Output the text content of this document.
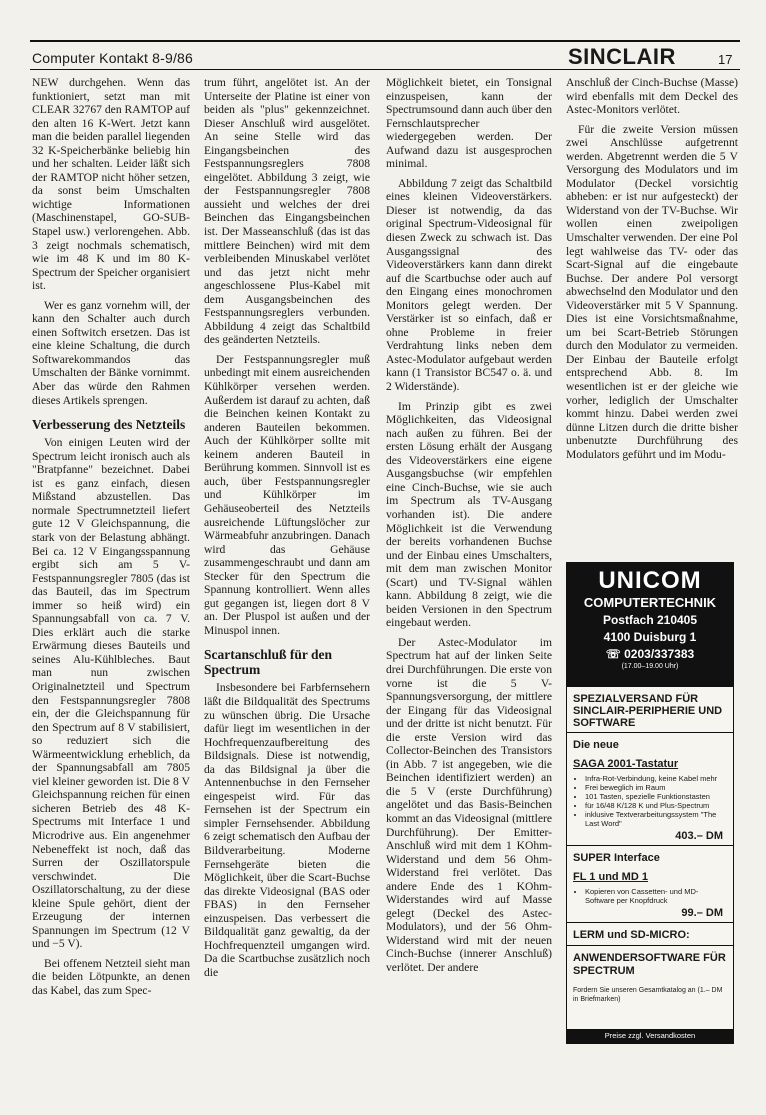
Computer Kontakt 8-9/86	SINCLAIR	17

NEW durchgehen. Wenn das funktioniert, setzt man mit CLEAR 32767 den RAMTOP auf den alten 16 K-Wert. Jetzt kann man die beiden parallel liegenden 32 K-Speicherbänke beliebig hin und her schalten. Leider läßt sich der RAMTOP nicht höher setzen, da sonst beim Umschalten wichtige Informationen (Maschinenstapel, GO-SUB-Stapel usw.) verlorengehen. Abb. 3 zeigt nochmals schematisch, wie im 48 K und im 80 K-Spectrum der Speicher organisiert ist.

Wer es ganz vornehm will, der kann den Schalter auch durch einen Softwitch ersetzen. Das ist eine kleine Schaltung, die durch Softwarekommandos das Umschalten der Bänke vornimmt. Aber das würde den Rahmen dieses Artikels sprengen.

Verbesserung des Netzteils

Von einigen Leuten wird der Spectrum leicht ironisch auch als "Bratpfanne" bezeichnet. Dabei ist es ganz einfach, diesen Mißstand abzustellen. Das normale Spectrumnetzteil liefert gute 12 V Gleichspannung, die stark von der Belastung abhängt. Bei ca. 12 V Eingangsspannung ergibt sich am 5 V-Festspannungsregler 7805 (das ist das Bauteil, das im Spectrum immer so heiß wird) ein Spannungsabfall von ca. 7 V. Dies erklärt auch die starke Erwärmung dieses Bauteils und seines Alu-Kühlbleches. Baut man nun zwischen Originalnetzteil und Spectrum den Festspannungsregler 7808 ein, der die Gleichspannung für den Spectrum auf 8 V stabilisiert, so reduziert sich die Wärmeentwicklung erheblich, da der Spannungsabfall am 7805 viel kleiner geworden ist. Die 8 V Gleichspannung reichen für einen sicheren Betrieb des 48 K-Spectrums mit Interface 1 und Microdrive aus. Ein angenehmer Nebeneffekt ist noch, daß das Surren der Oszillatorspule verschwindet. Die Oszillatorschaltung, zu der diese kleine Spule gehört, dient der Erzeugung der internen Spannungen im Spectrum (12 V und −5 V).

Bei offenem Netzteil sieht man die beiden Lötpunkte, an denen das Kabel, das zum Spec-

trum führt, angelötet ist. An der Unterseite der Platine ist einer von beiden als "plus" gekennzeichnet. Dieser Anschluß wird ausgelötet. An seine Stelle wird das Eingangsbeinchen des Festspannungsreglers 7808 eingelötet. Abbildung 3 zeigt, wie der Festspannungsregler 7808 aussieht und welches der drei Beinchen das Eingangsbeinchen ist. Der Masseanschluß (das ist das mittlere Beinchen) wird mit dem verbleibenden Minuskabel verlötet und das jetzt nicht mehr angeschlossene Plus-Kabel mit dem Ausgangsbeinchen des Festspannungsreglers verbunden. Abbildung 4 zeigt das Schaltbild des geänderten Netzteils.

Der Festspannungsregler muß unbedingt mit einem ausreichenden Kühlkörper versehen werden. Außerdem ist darauf zu achten, daß die Beinchen keinen Kontakt zu anderen Bauteilen bekommen. Auch der Kühlkörper sollte mit keinem anderen Bauteil in Berührung kommen. Sinnvoll ist es auch, über Festspannungsregler und Kühlkörper im Gehäuseoberteil des Netzteils ausreichende Lüftungslöcher zur Wärmeabfuhr anzubringen. Danach wird das Gehäuse zusammengeschraubt und dann am Stecker für den Spectrum die Spannung kontrolliert. Wenn alles gut gegangen ist, liegen dort 8 V an. Der Pluspol ist außen und der Minuspol innen.

Scartanschluß für den Spectrum

Insbesondere bei Farbfernsehern läßt die Bildqualität des Spectrums zu wünschen übrig. Die Ursache dafür liegt im wesentlichen in der Hochfrequenzaufbereitung des Bildsignals. Diese ist notwendig, da das Bildsignal ja über die Antennenbuchse in den Fernseher eingespeist wird. Für das Fernsehen ist der Spectrum ein simpler Fernsehsender. Abbildung 6 zeigt schematisch den Aufbau der Bildverarbeitung. Moderne Fernsehgeräte bieten die Möglichkeit, über die Scart-Buchse das direkte Videosignal (BAS oder FBAS) in den Fernseher einzuspeisen. Das verbessert die Bildqualität ganz gewaltig, da der Hochfrequenzteil umgangen wird. Da die Scartbuchse zusätzlich noch die

Möglichkeit bietet, ein Tonsignal einzuspeisen, kann der Spectrumsound dann auch über den Fernschlautsprecher wiedergegeben werden. Der Aufwand dazu ist ausgesprochen minimal.

Abbildung 7 zeigt das Schaltbild eines kleinen Videoverstärkers. Dieser ist notwendig, da das original Spectrum-Videosignal für diesen Zweck zu schwach ist. Das Ausgangssignal des Videoverstärkers kann dann direkt auf die Scartbuchse oder auch auf den Eingang eines monochromen Monitors gelegt werden. Der Verstärker ist so einfach, daß er ohne Probleme in freier Verdrahtung links neben dem Astec-Modulator aufgebaut werden kann (1 Transistor BC547 o. ä. und 2 Widerstände).

Im Prinzip gibt es zwei Möglichkeiten, das Videosignal nach außen zu führen. Bei der ersten Lösung erhält der Ausgang des Videoverstärkers eine eigene Ausgangsbuchse (wir empfehlen eine Cinch-Buchse, wie sie auch im Spectrum als TV-Ausgang vorhanden ist). Die andere Möglichkeit ist die Verwendung der bereits vorhandenen Buchse und der Einbau eines Umschalters, mit dem man zwischen Monitor (Scart) und TV-Signal wählen kann. Abbildung 8 zeigt, wie die beiden Versionen in den Spectrum eingebaut werden.

Der Astec-Modulator im Spectrum hat auf der linken Seite drei Durchführungen. Die erste von vorne ist die 5 V-Spannungsversorgung, der mittlere der Eingang für das Videosignal und der dritte ist nicht benutzt. Für die erste Version wird das Collector-Beinchen des Transistors (in Abb. 7 ist angegeben, wie die Beinchen identifiziert werden) an die 5 V (erste Durchführung) angelötet und das Basis-Beinchen kommt an das Videosignal (mittlere Durchführung). Der Emitter-Anschluß wird mit dem 1 KOhm-Widerstand und dem 56 Ohm-Widerstand frei verlötet. Das andere Ende des 1 KOhm-Widerstandes wird auf Masse gelegt (Deckel des Astec-Modulators), und der 56 Ohm-Widerstand wird mit der neuen Cinch-Buchse (innerer Anschluß) verlötet. Der andere

Anschluß der Cinch-Buchse (Masse) wird ebenfalls mit dem Deckel des Astec-Monitors verlötet.

Für die zweite Version müssen zwei Anschlüsse aufgetrennt werden. Abgetrennt werden die 5 V Versorgung des Modulators und im Modulator (Deckel vorsichtig abheben: er ist nur aufgesteckt) der Widerstand von der TV-Buchse. Wir wollen einen zweipoligen Umschalter verwenden. Der eine Pol legt wahlweise das TV- oder das Scart-Signal auf die eingebaute Buchse. Der andere Pol versorgt abwechselnd den Modulator und den Videoverstärker mit 5 V Spannung. Dies ist eine Vorsichtsmaßnahme, um bei Scart-Betrieb Störungen durch den Modulator zu vermeiden. Der Einbau der Bauteile erfolgt entsprechend Abb. 8. Im wesentlichen ist er der gleiche wie vorher, lediglich der Umschalter kommt hinzu. Dabei werden zwei dünne Litzen durch die dritte bisher unbenutzte Durchführung des Modulators geführt und im Modu-

UNICOM
COMPUTERTECHNIK
Postfach 210405
4100 Duisburg 1
☏ 0203/337383
(17.00–19.00 Uhr)
SPEZIALVERSAND FÜR SINCLAIR-PERIPHERIE UND SOFTWARE
Die neue
SAGA 2001-Tastatur
• Infra-Rot-Verbindung, keine Kabel mehr
• Frei beweglich im Raum
• 101 Tasten, spezielle Funktionstasten
• für 16/48 K/128 K und Plus-Spectrum
• inklusive Textverarbeitungssystem "The Last Word"
403.– DM
SUPER Interface
FL 1 und MD 1
• Kopieren von Cassetten- und MD-Software per Knopfdruck
99.– DM
LERM und SD-MICRO:
ANWENDERSOFTWARE FÜR SPECTRUM
Fordern Sie unseren Gesamtkatalog an (1.– DM in Briefmarken)
Preise zzgl. Versandkosten
